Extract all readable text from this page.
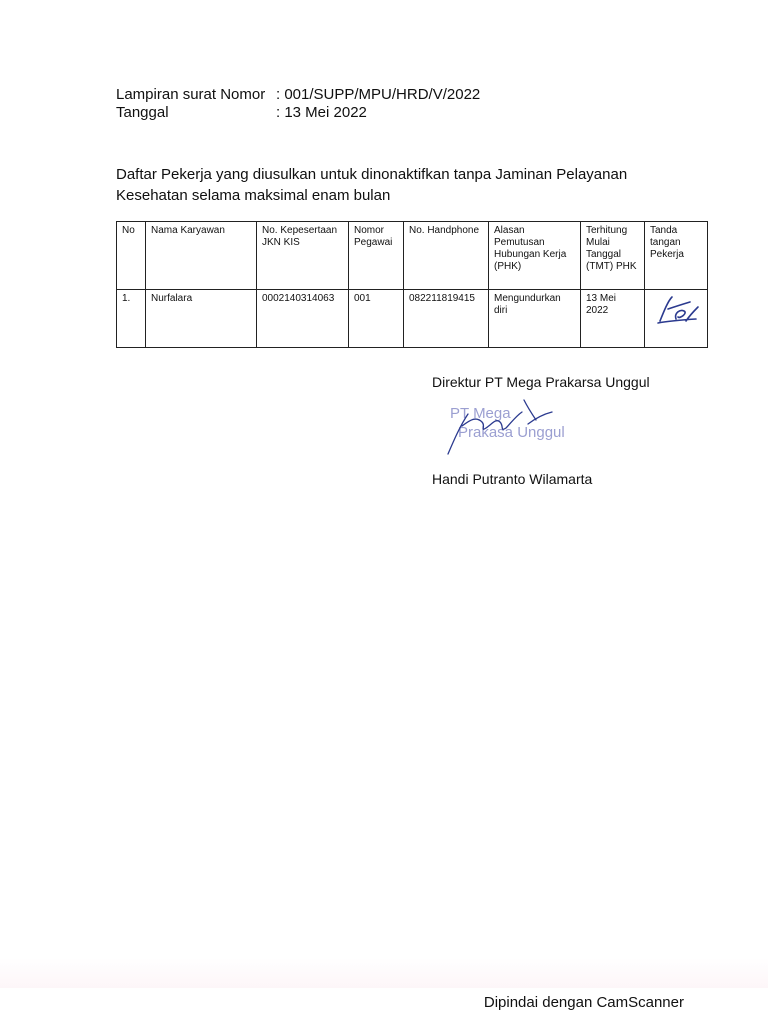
Lampiran surat Nomor : 001/SUPP/MPU/HRD/V/2022
Tanggal	: 13 Mei 2022
Daftar Pekerja yang diusulkan untuk dinonaktifkan tanpa Jaminan Pelayanan Kesehatan selama maksimal enam bulan
No	Nama Karyawan	No. Kepesertaan JKN KIS	Nomor Pegawai	No. Handphone	Alasan Pemutusan Hubungan Kerja (PHK)	Terhitung Mulai Tanggal (TMT) PHK	Tanda tangan Pekerja
1.	Nurfalara	0002140314063	001	082211819415	Mengundurkan diri	13 Mei 2022	
Direktur PT Mega Prakarsa Unggul
PT Mega
Prakasa Unggul
Handi Putranto Wilamarta
Dipindai dengan CamScanner
